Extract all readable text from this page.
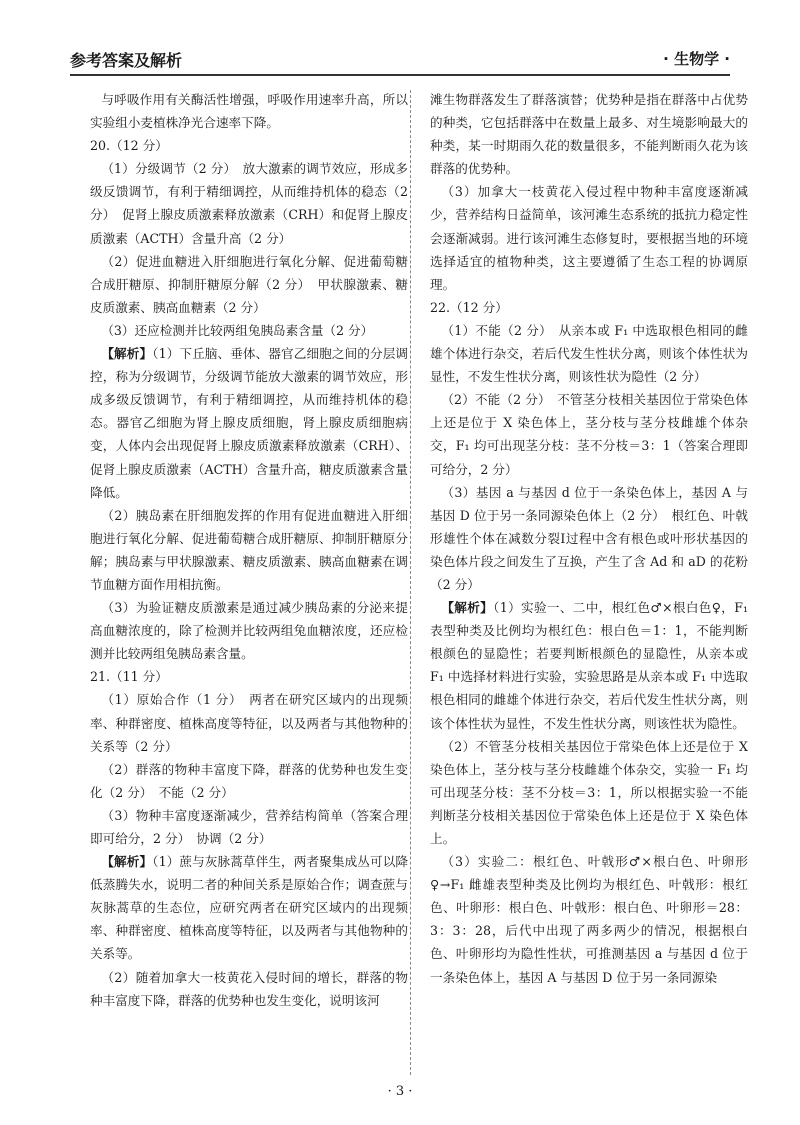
参考答案及解析	· 生物学 ·

与呼吸作用有关酶活性增强，呼吸作用速率升高，所以实验组小麦植株净光合速率下降。

20.（12 分）

（1）分级调节（2 分）　放大激素的调节效应，形成多级反馈调节，有利于精细调控，从而维持机体的稳态（2 分）　促肾上腺皮质激素释放激素（CRH）和促肾上腺皮质激素（ACTH）含量升高（2 分）

（2）促进血糖进入肝细胞进行氧化分解、促进葡萄糖合成肝糖原、抑制肝糖原分解（2 分）　甲状腺激素、糖皮质激素、胰高血糖素（2 分）

（3）还应检测并比较两组兔胰岛素含量（2 分）

【解析】（1）下丘脑、垂体、器官乙细胞之间的分层调控，称为分级调节，分级调节能放大激素的调节效应，形成多级反馈调节，有利于精细调控，从而维持机体的稳态。器官乙细胞为肾上腺皮质细胞，肾上腺皮质细胞病变，人体内会出现促肾上腺皮质激素释放激素（CRH）、促肾上腺皮质激素（ACTH）含量升高，糖皮质激素含量降低。

（2）胰岛素在肝细胞发挥的作用有促进血糖进入肝细胞进行氧化分解、促进葡萄糖合成肝糖原、抑制肝糖原分解；胰岛素与甲状腺激素、糖皮质激素、胰高血糖素在调节血糖方面作用相抗衡。

（3）为验证糖皮质激素是通过减少胰岛素的分泌来提高血糖浓度的，除了检测并比较两组兔血糖浓度，还应检测并比较两组兔胰岛素含量。

21.（11 分）

（1）原始合作（1 分）　两者在研究区域内的出现频率、种群密度、植株高度等特征，以及两者与其他物种的关系等（2 分）

（2）群落的物种丰富度下降，群落的优势种也发生变化（2 分）　不能（2 分）

（3）物种丰富度逐渐减少，营养结构简单（答案合理即可给分，2 分）　协调（2 分）

【解析】（1）蔗与灰脉蒿草伴生，两者聚集成丛可以降低蒸腾失水，说明二者的种间关系是原始合作；调查蔗与灰脉蒿草的生态位，应研究两者在研究区域内的出现频率、种群密度、植株高度等特征，以及两者与其他物种的关系等。

（2）随着加拿大一枝黄花入侵时间的增长，群落的物种丰富度下降，群落的优势种也发生变化，说明该河

滩生物群落发生了群落演替；优势种是指在群落中占优势的种类，它包括群落中在数量上最多、对生境影响最大的种类，某一时期雨久花的数量很多，不能判断雨久花为该群落的优势种。

（3）加拿大一枝黄花入侵过程中物种丰富度逐渐减少，营养结构日益简单，该河滩生态系统的抵抗力稳定性会逐渐减弱。进行该河滩生态修复时，要根据当地的环境选择适宜的植物种类，这主要遵循了生态工程的协调原理。

22.（12 分）

（1）不能（2 分）　从亲本或 F₁ 中选取根色相同的雌雄个体进行杂交，若后代发生性状分离，则该个体性状为显性，不发生性状分离，则该性状为隐性（2 分）

（2）不能（2 分）　不管茎分枝相关基因位于常染色体上还是位于 X 染色体上，茎分枝与茎分枝雌雄个体杂交，F₁ 均可出现茎分枝：茎不分枝＝3：1（答案合理即可给分，2 分）

（3）基因 a 与基因 d 位于一条染色体上，基因 A 与基因 D 位于另一条同源染色体上（2 分）　根红色、叶戟形雄性个体在减数分裂Ⅰ过程中含有根色或叶形状基因的染色体片段之间发生了互换，产生了含 Ad 和 aD 的花粉（2 分）

【解析】（1）实验一、二中，根红色♂×根白色♀，F₁ 表型种类及比例均为根红色：根白色＝1：1，不能判断根颜色的显隐性；若要判断根颜色的显隐性，从亲本或 F₁ 中选择材料进行实验，实验思路是从亲本或 F₁ 中选取根色相同的雌雄个体进行杂交，若后代发生性状分离，则该个体性状为显性，不发生性状分离，则该性状为隐性。

（2）不管茎分枝相关基因位于常染色体上还是位于 X 染色体上，茎分枝与茎分枝雌雄个体杂交，实验一 F₁ 均可出现茎分枝：茎不分枝＝3：1，所以根据实验一不能判断茎分枝相关基因位于常染色体上还是位于 X 染色体上。

（3）实验二：根红色、叶戟形♂×根白色、叶卵形♀→F₁ 雌雄表型种类及比例均为根红色、叶戟形：根红色、叶卵形：根白色、叶戟形：根白色、叶卵形＝28：3：3：28，后代中出现了两多两少的情况，根据根白色、叶卵形均为隐性性状，可推测基因 a 与基因 d 位于一条染色体上，基因 A 与基因 D 位于另一条同源染

· 3 ·
